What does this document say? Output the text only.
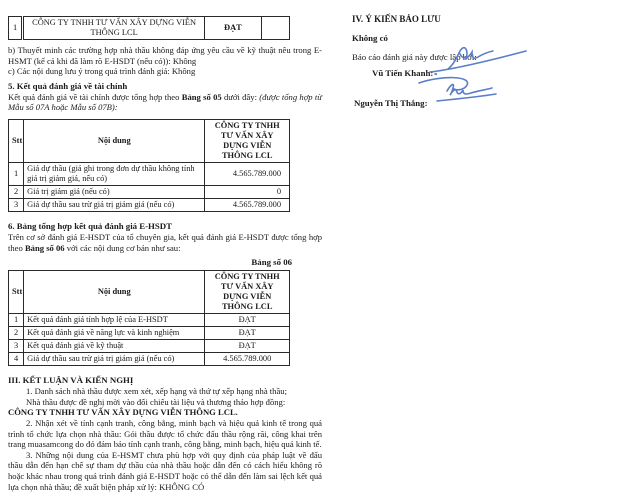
1	CÔNG TY TNHH TƯ VẤN XÂY DỰNG VIỄN THÔNG LCL	ĐẠT	

b) Thuyết minh các trường hợp nhà thầu không đáp ứng yêu cầu về kỹ thuật nêu trong E-HSMT (kể cả khi đã làm rõ E-HSDT (nếu có)): Không

c) Các nội dung lưu ý trong quá trình đánh giá: Không

5. Kết quả đánh giá về tài chính

Kết quả đánh giá về tài chính được tổng hợp theo Bảng số 05 dưới đây: (được tổng hợp từ Mẫu số 07A hoặc Mẫu số 07B):

Stt	Nội dung	CÔNG TY TNHH TƯ VẤN XÂY DỰNG VIỄN THÔNG LCL
1	Giá dự thầu (giá ghi trong đơn dự thầu không tính giá trị giảm giá, nếu có)	4.565.789.000
2	Giá trị giảm giá (nếu có)	0
3	Giá dự thầu sau trừ giá trị giảm giá (nếu có)	4.565.789.000

6. Bảng tổng hợp kết quả đánh giá E-HSDT

Trên cơ sở đánh giá E-HSDT của tổ chuyên gia, kết quả đánh giá E-HSDT được tổng hợp theo Bảng số 06 với các nội dung cơ bản như sau:

Bảng số 06

Stt	Nội dung	CÔNG TY TNHH TƯ VẤN XÂY DỰNG VIỄN THÔNG LCL
1	Kết quả đánh giá tính hợp lệ của E-HSDT	ĐẠT
2	Kết quả đánh giá về năng lực và kinh nghiệm	ĐẠT
3	Kết quả đánh giá về kỹ thuật	ĐẠT
4	Giá dự thầu sau trừ giá trị giảm giá (nếu có)	4.565.789.000

III. KẾT LUẬN VÀ KIẾN NGHỊ

1. Danh sách nhà thầu được xem xét, xếp hạng và thứ tự xếp hạng nhà thầu;

Nhà thầu được đề nghị mời vào đối chiếu tài liệu và thương thảo hợp đồng:

CÔNG TY TNHH TƯ VẤN XÂY DỰNG VIỄN THÔNG LCL.

2. Nhận xét về tính cạnh tranh, công bằng, minh bạch và hiệu quả kinh tế trong quá trình tổ chức lựa chọn nhà thầu: Gói thầu được tổ chức đấu thầu rộng rãi, công khai trên trang muasamcong do đó đảm bảo tính cạnh tranh, công bằng, minh bạch, hiệu quả kinh tế.

3. Những nội dung của E-HSMT chưa phù hợp với quy định của pháp luật về đấu thầu dẫn đến hạn chế sự tham dự thầu của nhà thầu hoặc dẫn đến có cách hiểu không rõ hoặc khác nhau trong quá trình đánh giá E-HSDT hoặc có thể dẫn đến làm sai lệch kết quả lựa chọn nhà thầu; đề xuất biện pháp xử lý: KHÔNG CÓ

IV. Ý KIẾN BẢO LƯU

Không có

Báo cáo đánh giá này được lập bởi:

Vũ Tiến Khanh:

Nguyễn Thị Thắng:
